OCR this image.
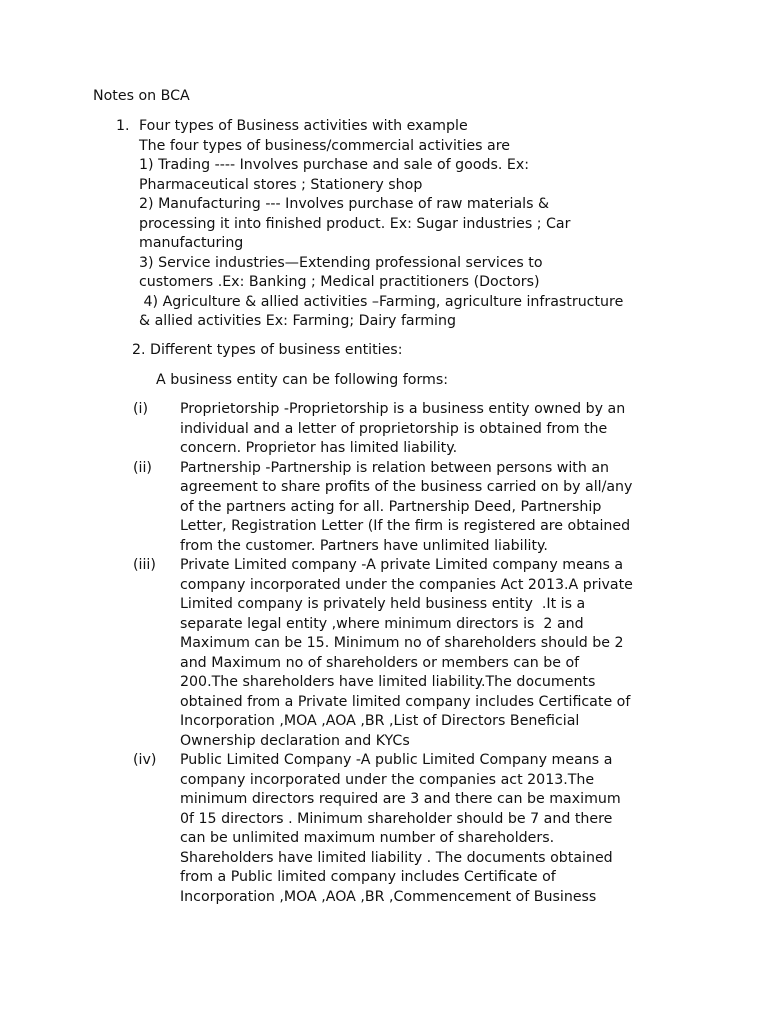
Notes on BCA
1. Four types of Business activities with example
The four types of business/commercial activities are
1) Trading ---- Involves purchase and sale of goods. Ex:
Pharmaceutical stores ; Stationery shop
2) Manufacturing --- Involves purchase of raw materials &
processing it into finished product. Ex: Sugar industries ; Car
manufacturing
3) Service industries—Extending professional services to
customers .Ex: Banking ; Medical practitioners (Doctors)
4) Agriculture & allied activities –Farming, agriculture infrastructure
& allied activities Ex: Farming; Dairy farming
2. Different types of business entities:
A business entity can be following forms:
(i) Proprietorship -Proprietorship is a business entity owned by an
individual and a letter of proprietorship is obtained from the
concern. Proprietor has limited liability.
(ii) Partnership -Partnership is relation between persons with an
agreement to share profits of the business carried on by all/any
of the partners acting for all. Partnership Deed, Partnership
Letter, Registration Letter (If the firm is registered are obtained
from the customer. Partners have unlimited liability.
(iii) Private Limited company -A private Limited company means a
company incorporated under the companies Act 2013.A private
Limited company is privately held business entity  .It is a
separate legal entity ,where minimum directors is  2 and
Maximum can be 15. Minimum no of shareholders should be 2
and Maximum no of shareholders or members can be of
200.The shareholders have limited liability.The documents
obtained from a Private limited company includes Certificate of
Incorporation ,MOA ,AOA ,BR ,List of Directors Beneficial
Ownership declaration and KYCs
(iv) Public Limited Company -A public Limited Company means a
company incorporated under the companies act 2013.The
minimum directors required are 3 and there can be maximum
0f 15 directors . Minimum shareholder should be 7 and there
can be unlimited maximum number of shareholders.
Shareholders have limited liability . The documents obtained
from a Public limited company includes Certificate of
Incorporation ,MOA ,AOA ,BR ,Commencement of Business
